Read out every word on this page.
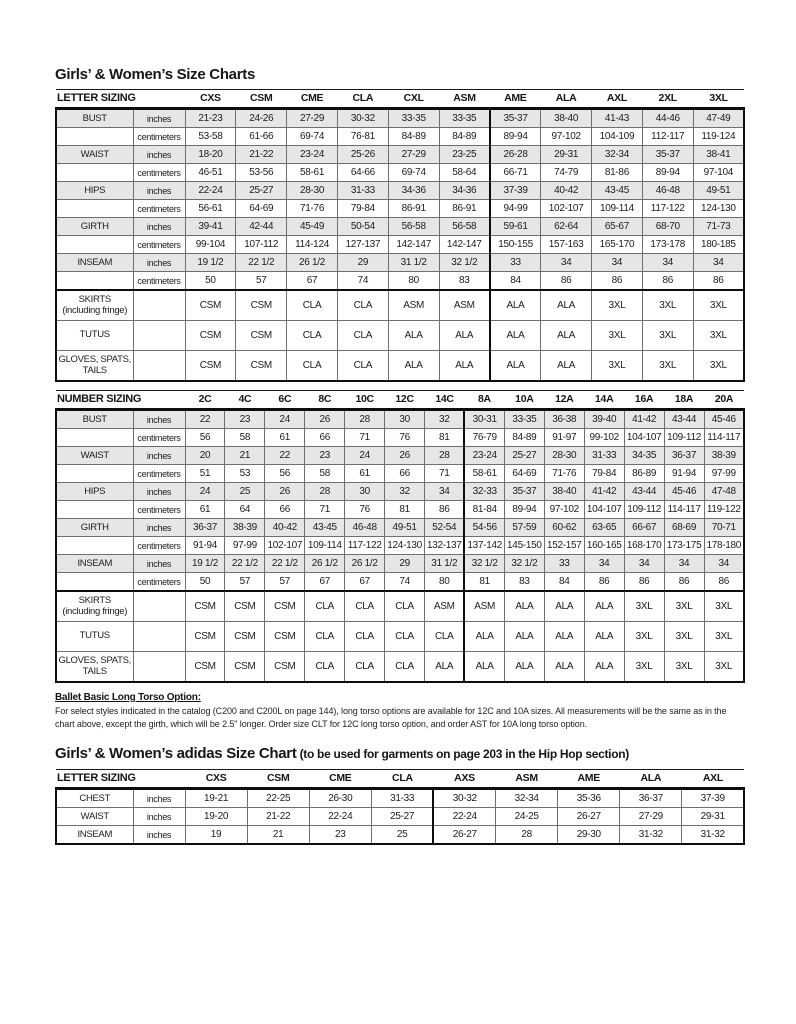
Girls’ & Women’s Size Charts
LETTER SIZING		CXS	CSM	CME	CLA	CXL	ASM	AME	ALA	AXL	2XL	3XL
BUST	inches	21-23	24-26	27-29	30-32	33-35	33-35	35-37	38-40	41-43	44-46	47-49
	centimeters	53-58	61-66	69-74	76-81	84-89	84-89	89-94	97-102	104-109	112-117	119-124
WAIST	inches	18-20	21-22	23-24	25-26	27-29	23-25	26-28	29-31	32-34	35-37	38-41
	centimeters	46-51	53-56	58-61	64-66	69-74	58-64	66-71	74-79	81-86	89-94	97-104
HIPS	inches	22-24	25-27	28-30	31-33	34-36	34-36	37-39	40-42	43-45	46-48	49-51
	centimeters	56-61	64-69	71-76	79-84	86-91	86-91	94-99	102-107	109-114	117-122	124-130
GIRTH	inches	39-41	42-44	45-49	50-54	56-58	56-58	59-61	62-64	65-67	68-70	71-73
	centimeters	99-104	107-112	114-124	127-137	142-147	142-147	150-155	157-163	165-170	173-178	180-185
INSEAM	inches	19 1/2	22 1/2	26 1/2	29	31 1/2	32 1/2	33	34	34	34	34
	centimeters	50	57	67	74	80	83	84	86	86	86	86
SKIRTS
(including fringe)		CSM	CSM	CLA	CLA	ASM	ASM	ALA	ALA	3XL	3XL	3XL
TUTUS		CSM	CSM	CLA	CLA	ALA	ALA	ALA	ALA	3XL	3XL	3XL
GLOVES, SPATS,
TAILS		CSM	CSM	CLA	CLA	ALA	ALA	ALA	ALA	3XL	3XL	3XL
NUMBER SIZING		2C	4C	6C	8C	10C	12C	14C	8A	10A	12A	14A	16A	18A	20A
BUST	inches	22	23	24	26	28	30	32	30-31	33-35	36-38	39-40	41-42	43-44	45-46
	centimeters	56	58	61	66	71	76	81	76-79	84-89	91-97	99-102	104-107	109-112	114-117
WAIST	inches	20	21	22	23	24	26	28	23-24	25-27	28-30	31-33	34-35	36-37	38-39
	centimeters	51	53	56	58	61	66	71	58-61	64-69	71-76	79-84	86-89	91-94	97-99
HIPS	inches	24	25	26	28	30	32	34	32-33	35-37	38-40	41-42	43-44	45-46	47-48
	centimeters	61	64	66	71	76	81	86	81-84	89-94	97-102	104-107	109-112	114-117	119-122
GIRTH	inches	36-37	38-39	40-42	43-45	46-48	49-51	52-54	54-56	57-59	60-62	63-65	66-67	68-69	70-71
	centimeters	91-94	97-99	102-107	109-114	117-122	124-130	132-137	137-142	145-150	152-157	160-165	168-170	173-175	178-180
INSEAM	inches	19 1/2	22 1/2	22 1/2	26 1/2	26 1/2	29	31 1/2	32 1/2	32 1/2	33	34	34	34	34
	centimeters	50	57	57	67	67	74	80	81	83	84	86	86	86	86
SKIRTS
(including fringe)		CSM	CSM	CSM	CLA	CLA	CLA	ASM	ASM	ALA	ALA	ALA	3XL	3XL	3XL
TUTUS		CSM	CSM	CSM	CLA	CLA	CLA	CLA	ALA	ALA	ALA	ALA	3XL	3XL	3XL
GLOVES, SPATS,
TAILS		CSM	CSM	CSM	CLA	CLA	CLA	ALA	ALA	ALA	ALA	ALA	3XL	3XL	3XL

Ballet Basic Long Torso Option:

For select styles indicated in the catalog (C200 and C200L on page 144), long torso options are available for 12C and 10A sizes. All measurements will be the same as in the chart above, except the girth, which will be 2.5" longer. Order size CLT for 12C long torso option, and order AST for 10A long torso option.

Girls’ & Women’s adidas Size Chart (to be used for garments on page 203 in the Hip Hop section)
LETTER SIZING		CXS	CSM	CME	CLA	AXS	ASM	AME	ALA	AXL
CHEST	inches	19-21	22-25	26-30	31-33	30-32	32-34	35-36	36-37	37-39
WAIST	inches	19-20	21-22	22-24	25-27	22-24	24-25	26-27	27-29	29-31
INSEAM	inches	19	21	23	25	26-27	28	29-30	31-32	31-32
